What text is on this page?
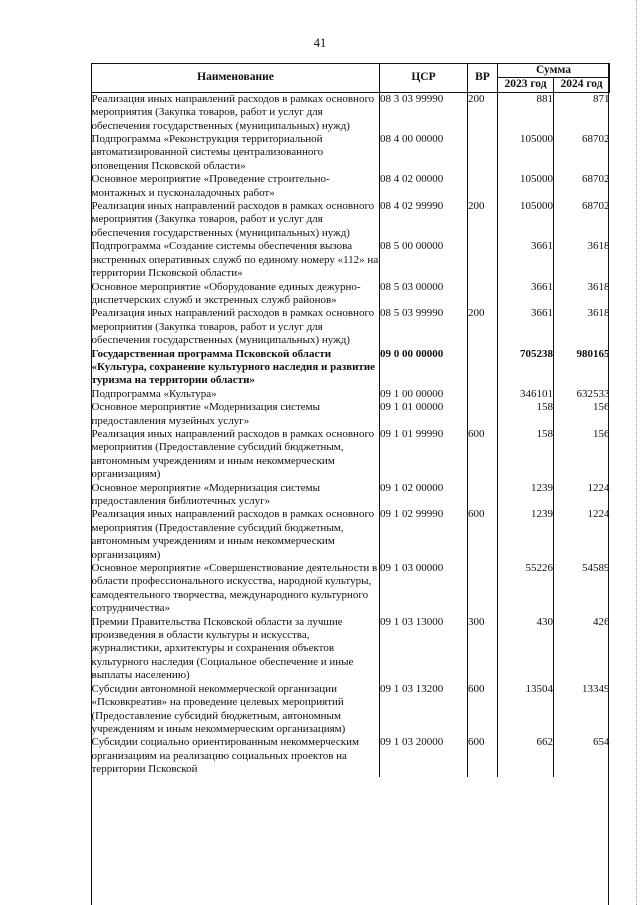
41
Наименование	ЦСР	ВР	Сумма	
			2023 год	2024 год
Реализация иных направлений расходов в рамках основного мероприятия (Закупка товаров, работ и услуг для обеспечения государственных (муниципальных) нужд)	08 3 03 99990	200	881	871
Подпрограмма «Реконструкция территориальной автоматизированной системы централизованного оповещения Псковской области»	08 4 00 00000		105000	68702
Основное мероприятие «Проведение строительно-монтажных и пусконаладочных работ»	08 4 02 00000		105000	68702
Реализация иных направлений расходов в рамках основного мероприятия (Закупка товаров, работ и услуг для обеспечения государственных (муниципальных) нужд)	08 4 02 99990	200	105000	68702
Подпрограмма «Создание системы обеспечения вызова экстренных оперативных служб по единому номеру «112» на территории Псковской области»	08 5 00 00000		3661	3618
Основное мероприятие «Оборудование единых дежурно-диспетчерских служб и экстренных служб районов»	08 5 03 00000		3661	3618
Реализация иных направлений расходов в рамках основного мероприятия (Закупка товаров, работ и услуг для обеспечения государственных (муниципальных) нужд)	08 5 03 99990	200	3661	3618
Государственная программа Псковской области «Культура, сохранение культурного наследия и развитие туризма на территории области»	09 0 00 00000		705238	980165
Подпрограмма «Культура»	09 1 00 00000		346101	632533
Основное мероприятие «Модернизация системы предоставления музейных услуг»	09 1 01 00000		158	156
Реализация иных направлений расходов в рамках основного мероприятия (Предоставление субсидий бюджетным, автономным учреждениям и иным некоммерческим организациям)	09 1 01 99990	600	158	156
Основное мероприятие «Модернизация системы предоставления библиотечных услуг»	09 1 02 00000		1239	1224
Реализация иных направлений расходов в рамках основного мероприятия (Предоставление субсидий бюджетным, автономным учреждениям и иным некоммерческим организациям)	09 1 02 99990	600	1239	1224
Основное мероприятие «Совершенствование деятельности в области профессионального искусства, народной культуры, самодеятельного творчества, международного культурного сотрудничества»	09 1 03 00000		55226	54589
Премии Правительства Псковской области за лучшие произведения в области культуры и искусства, журналистики, архитектуры и сохранения объектов культурного наследия (Социальное обеспечение и иные выплаты населению)	09 1 03 13000	300	430	426
Субсидии автономной некоммерческой организации «Псковкреатив» на проведение целевых мероприятий (Предоставление субсидий бюджетным, автономным учреждениям и иным некоммерческим организациям)	09 1 03 13200	600	13504	13349
Субсидии социально ориентированным некоммерческим организациям на реализацию социальных проектов на территории Псковской	09 1 03 20000	600	662	654
